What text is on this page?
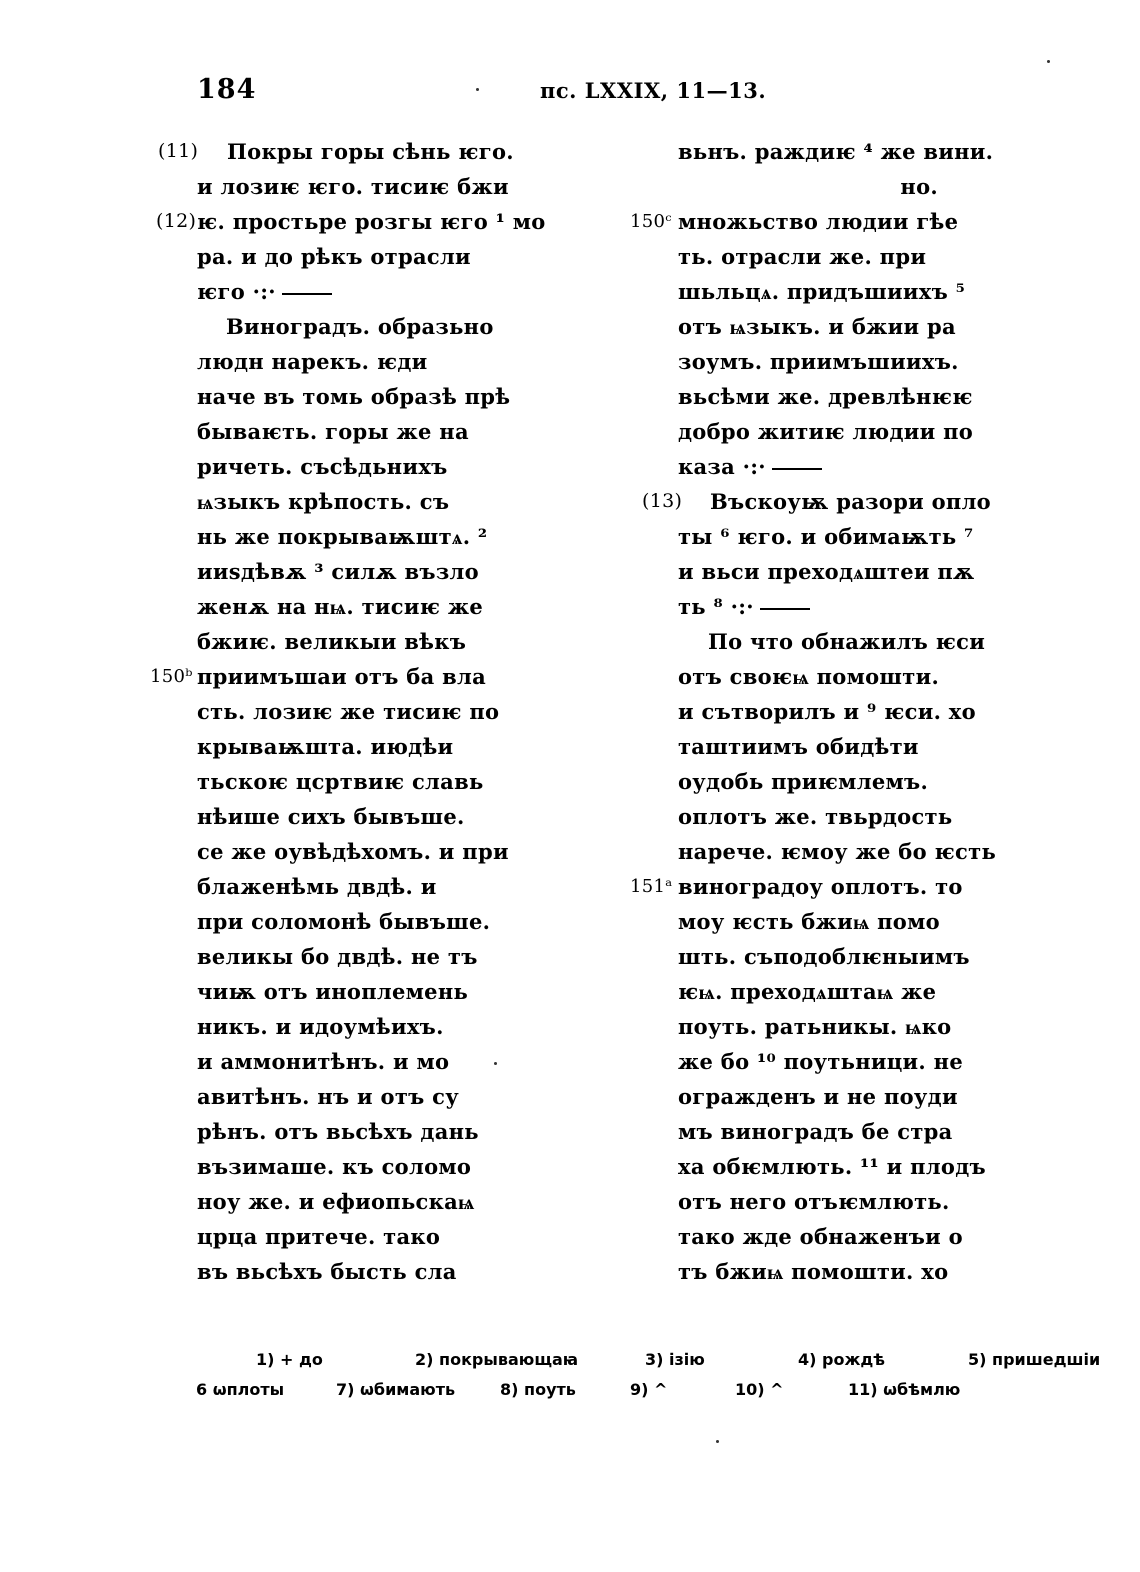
184	пс. LXXIX, 11—13.
(11) Покры горы сѣнь ѥго.
и лозиѥ ѥго. тисиѥ бжи
(12) ѥ. простьре розгы ѥго ¹ мо
ра. и до рѣкъ отрасли
ѥго ·:·
Виноградъ. образьно
людн нарекъ. ѥди
наче въ томь образѣ прѣ
бываѥть. горы же на
ричеть. съсѣдьнихъ
ѩзыкъ крѣпость. съ
нь же покрываѭштѧ. ²
ииѕдѣвѫ ³ силѫ възло
женѫ на нѩ. тисиѥ же
бжиѥ. великыи вѣкъ
150ᵇ приимъшаи отъ ба вла
сть. лозиѥ же тисиѥ по
крываѭшта. июдѣи
тьскоѥ цсртвиѥ славь
нѣише сихъ бывъше.
се же оувѣдѣхомъ. и при
блаженѣмь двдѣ. и
при соломонѣ бывъше.
великы бо двдѣ. не тъ
чиѭ отъ иноплемень
никъ. и идоумѣихъ.
и аммонитѣнъ. и мо
авитѣнъ. нъ и отъ су
рѣнъ. отъ вьсѣхъ дань
възимаше. къ соломо
ноу же. и ефиопьскаѩ
црца притече. тако
въ вьсѣхъ бысть сла
вьнъ. раждиѥ ⁴ же вини.
но.
150ᶜ множьство людии гѣе
ть. отрасли же. при
шьльцѧ. придъшиихъ ⁵
отъ ѩзыкъ. и бжии ра
зоумъ. приимъшиихъ.
вьсѣми же. древлѣнѥѥ
добро житиѥ людии по
каза ·:·
(13) Въскоуѭ разори опло
ты ⁶ ѥго. и обимаѭть ⁷
и вьси преходѧштеи пѫ
ть ⁸ ·:·
По что обнажилъ ѥси
отъ своѥѩ помошти.
и сътворилъ и ⁹ ѥси. хо
таштиимъ обидѣти
оудобь приѥмлемъ.
оплотъ же. твьрдость
нарече. ѥмоу же бо ѥсть
151ᵃ виноградоу оплотъ. то
моу ѥсть бжиѩ помо
шть. съподоблѥныимъ
ѥѩ. преходѧштаѩ же
поуть. ратьникы. ѩко
же бо ¹⁰ поутьници. не
огражденъ и не поуди
мъ виноградъ бе стра
ха обѥмлють. ¹¹ и плодъ
отъ него отъѥмлють.
тако жде обнаженъи о
тъ бжиѩ помошти. хо
1) + до	2) покрывающаꙗ	3) ізію	4) рождѣ	5) пришедшіи
6 ѡплоты	7) ѡбимають	8) поуть	9) ^	10) ^	11) ѡбѣмлю
